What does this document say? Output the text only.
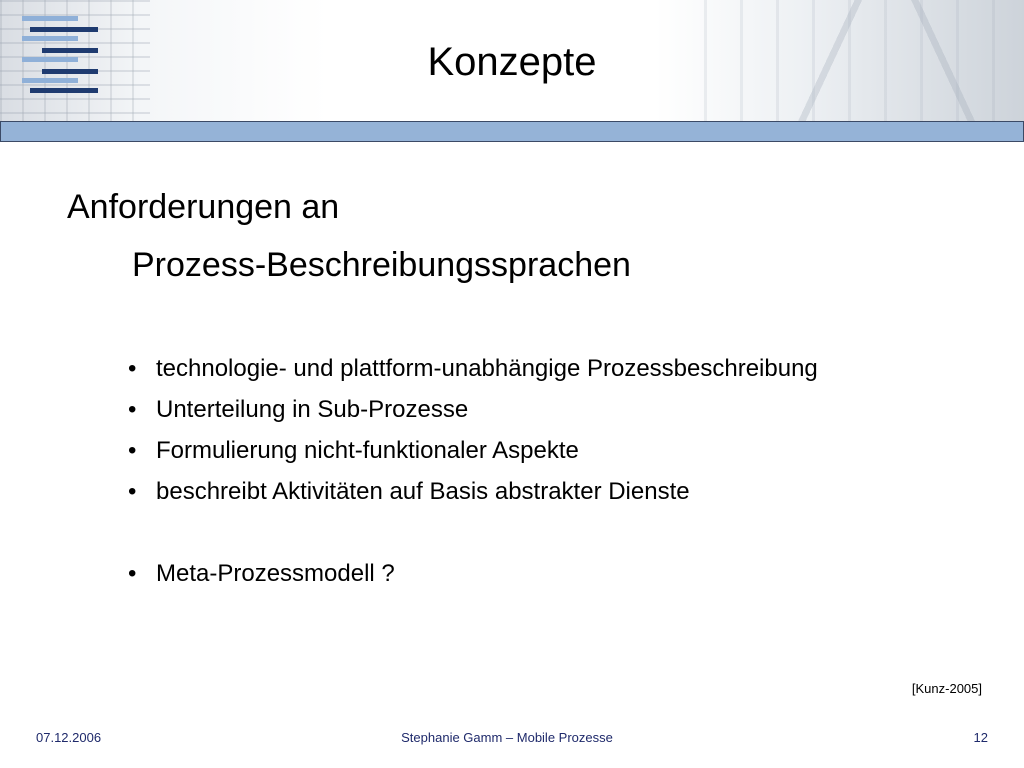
Konzepte
Anforderungen an
Prozess-Beschreibungssprachen
• technologie- und plattform-unabhängige Prozessbeschreibung
• Unterteilung in Sub-Prozesse
• Formulierung nicht-funktionaler Aspekte
• beschreibt Aktivitäten auf Basis abstrakter Dienste
• Meta-Prozessmodell ?
[Kunz-2005]
07.12.2006	Stephanie Gamm – Mobile Prozesse	12
